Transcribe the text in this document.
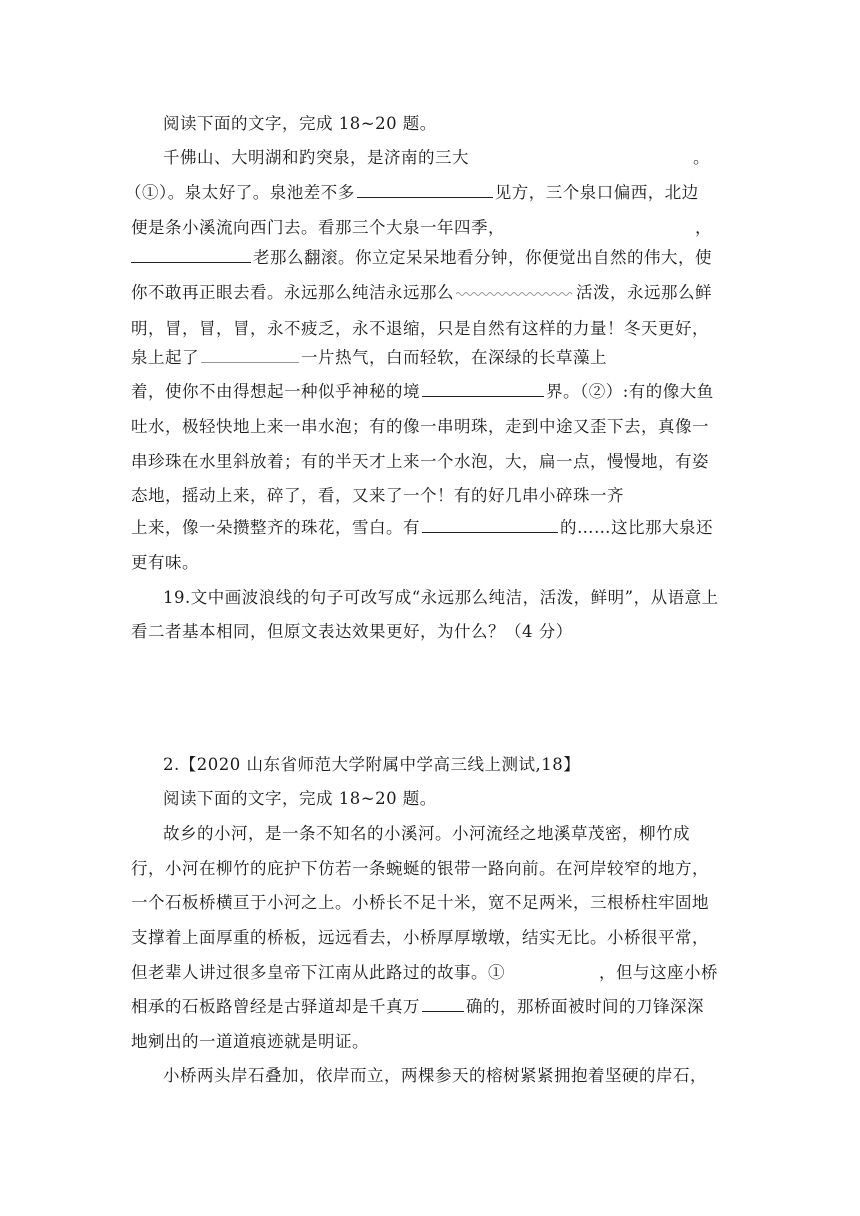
阅读下面的文字，完成 18~20 题。
千佛山、大明湖和趵突泉，是济南的三大	。
（①）。泉太好了。泉池差不多	见方，三个泉口偏西，北边
便是条小溪流向西门去。看那三个大泉一年四季，	，
老那么翻滚。你立定呆呆地看分钟，你便觉出自然的伟大，使
你不敢再正眼去看。永远那么纯洁永远那么	活泼，永远那么鲜
明，冒，冒，冒，永不疲乏，永不退缩，只是自然有这样的力量！冬天更好，
泉上起了	一片热气，白而轻软，在深绿的长草藻上
着，使你不由得想起一种似乎神秘的境	界。（②）:有的像大鱼
吐水，极轻快地上来一串水泡；有的像一串明珠，走到中途又歪下去，真像一
串珍珠在水里斜放着；有的半天才上来一个水泡，大，扁一点，慢慢地，有姿
态地，摇动上来，碎了，看，又来了一个！有的好几串小碎珠一齐
上来，像一朵攒整齐的珠花，雪白。有	的……这比那大泉还
更有味。
19.文中画波浪线的句子可改写成“永远那么纯洁，活泼，鲜明”，从语意上
看二者基本相同，但原文表达效果更好，为什么？（4 分）
2.【2020 山东省师范大学附属中学高三线上测试,18】
阅读下面的文字，完成 18~20 题。
故乡的小河，是一条不知名的小溪河。小河流经之地溪草茂密，柳竹成
行，小河在柳竹的庇护下仿若一条蜿蜒的银带一路向前。在河岸较窄的地方，
一个石板桥横亘于小河之上。小桥长不足十米，宽不足两米，三根桥柱牢固地
支撑着上面厚重的桥板，远远看去，小桥厚厚墩墩，结实无比。小桥很平常，
但老辈人讲过很多皇帝下江南从此路过的故事。①	，但与这座小桥
相承的石板路曾经是古驿道却是千真万	确的，那桥面被时间的刀锋深深
地剜出的一道道痕迹就是明证。
小桥两头岸石叠加，依岸而立，两棵参天的榕树紧紧拥抱着坚硬的岸石，
